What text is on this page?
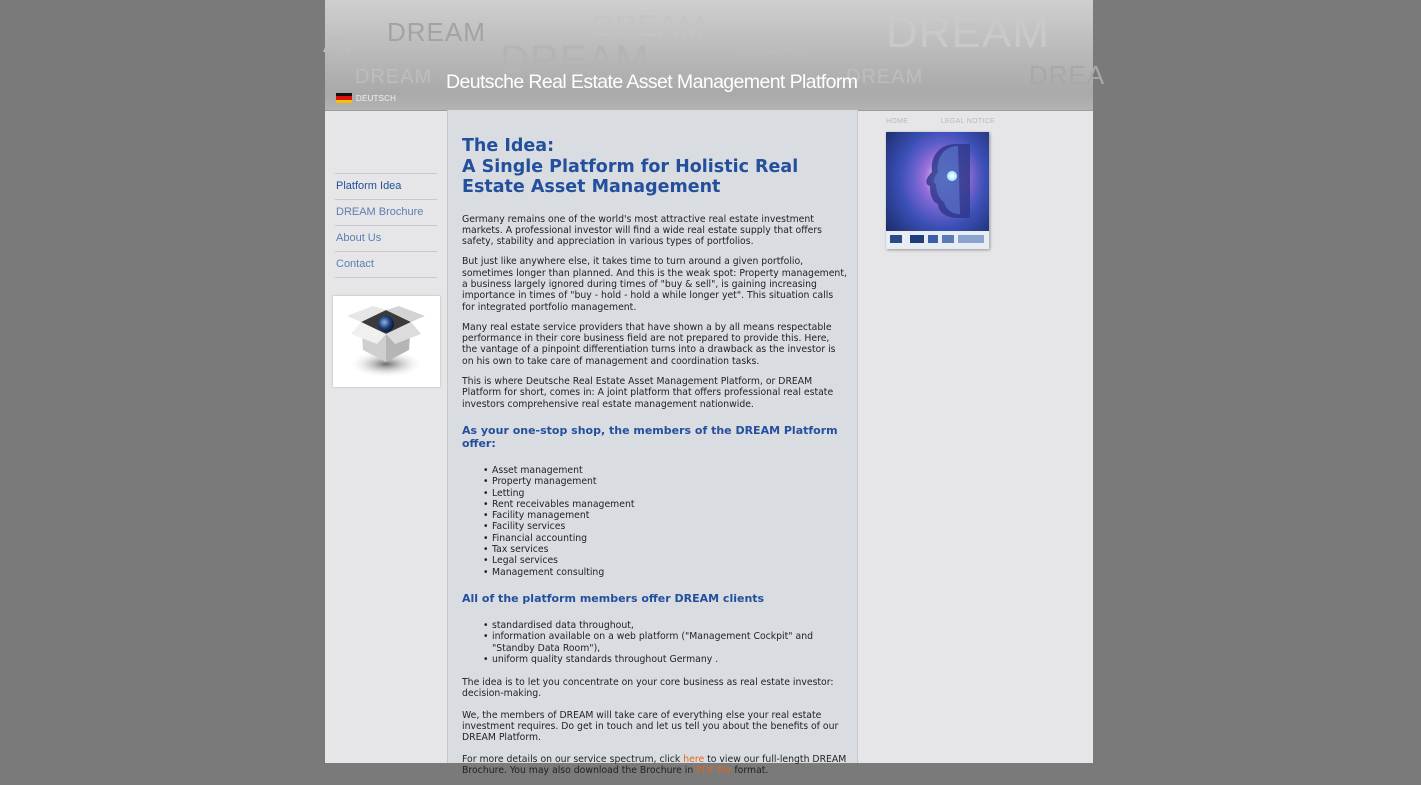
AM DREAM
DREAM DREAM
DREAM
DREAM
DREAM
DREAM
DREA
Deutsche Real Estate Asset Management Platform
DEUTSCH
Platform Idea
DREAM Brochure
About Us
Contact
The Idea:
A Single Platform for Holistic Real Estate Asset Management

Germany remains one of the world's most attractive real estate investment markets. A professional investor will find a wide real estate supply that offers safety, stability and appreciation in various types of portfolios.

But just like anywhere else, it takes time to turn around a given portfolio, sometimes longer than planned. And this is the weak spot: Property management, a business largely ignored during times of "buy & sell", is gaining increasing importance in times of "buy - hold - hold a while longer yet". This situation calls for integrated portfolio management.

Many real estate service providers that have shown a by all means respectable performance in their core business field are not prepared to provide this. Here, the vantage of a pinpoint differentiation turns into a drawback as the investor is on his own to take care of management and coordination tasks.

This is where Deutsche Real Estate Asset Management Platform, or DREAM Platform for short, comes in: A joint platform that offers professional real estate investors comprehensive real estate management nationwide.

As your one-stop shop, the members of the DREAM Platform offer:
• Asset management
• Property management
• Letting
• Rent receivables management
• Facility management
• Facility services
• Financial accounting
• Tax services
• Legal services
• Management consulting
All of the platform members offer DREAM clients
• standardised data throughout,
• information available on a web platform ("Management Cockpit" and "Standby Data Room"),
• uniform quality standards throughout Germany .

The idea is to let you concentrate on your core business as real estate investor: decision-making.

We, the members of DREAM will take care of everything else your real estate investment requires. Do get in touch and let us tell you about the benefits of our DREAM Platform.

For more details on our service spectrum, click here to view our full-length DREAM Brochure. You may also download the Brochure in PDF file format.

HOME	LEGAL NOTICE
